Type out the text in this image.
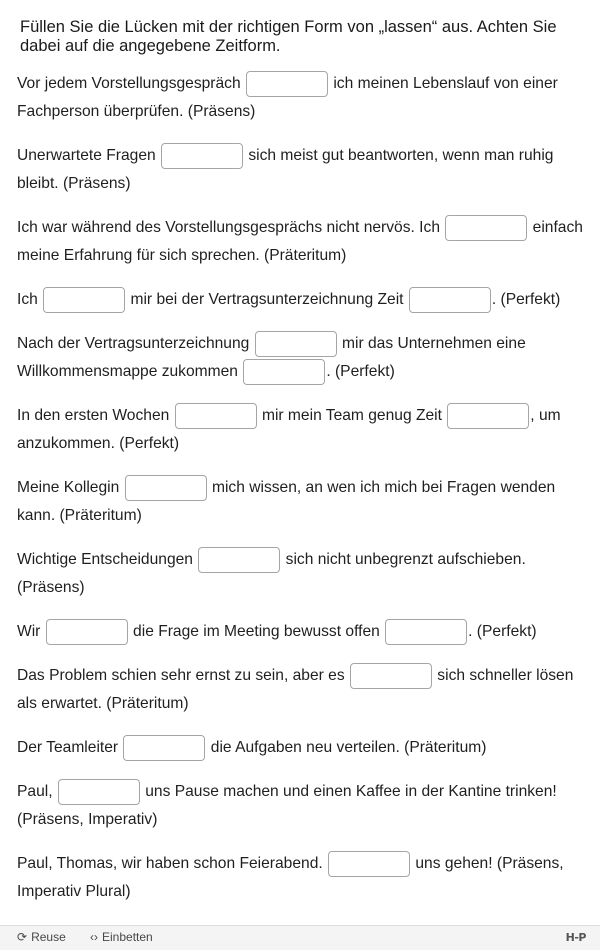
Füllen Sie die Lücken mit der richtigen Form von „lassen“ aus. Achten Sie dabei auf die angegebene Zeitform.
Vor jedem Vorstellungsgespräch	ich meinen Lebenslauf von einer Fachperson überprüfen. (Präsens)
Unerwartete Fragen	sich meist gut beantworten, wenn man ruhig bleibt. (Präsens)
Ich war während des Vorstellungsgesprächs nicht nervös. Ich	einfach meine Erfahrung für sich sprechen. (Präteritum)
Ich	mir bei der Vertragsunterzeichnung Zeit	. (Perfekt)
Nach der Vertragsunterzeichnung	mir das Unternehmen eine Willkommensmappe zukommen	. (Perfekt)
In den ersten Wochen	mir mein Team genug Zeit	, um anzukommen. (Perfekt)
Meine Kollegin	mich wissen, an wen ich mich bei Fragen wenden kann. (Präteritum)
Wichtige Entscheidungen	sich nicht unbegrenzt aufschieben. (Präsens)
Wir	die Frage im Meeting bewusst offen	. (Perfekt)
Das Problem schien sehr ernst zu sein, aber es	sich schneller lösen als erwartet. (Präteritum)
Der Teamleiter	die Aufgaben neu verteilen. (Präteritum)
Paul,	uns Pause machen und einen Kaffee in der Kantine trinken! (Präsens, Imperativ)
Paul, Thomas, wir haben schon Feierabend.	uns gehen! (Präsens, Imperativ Plural)
⟳ Reuse ‹› Einbetten	H-P
